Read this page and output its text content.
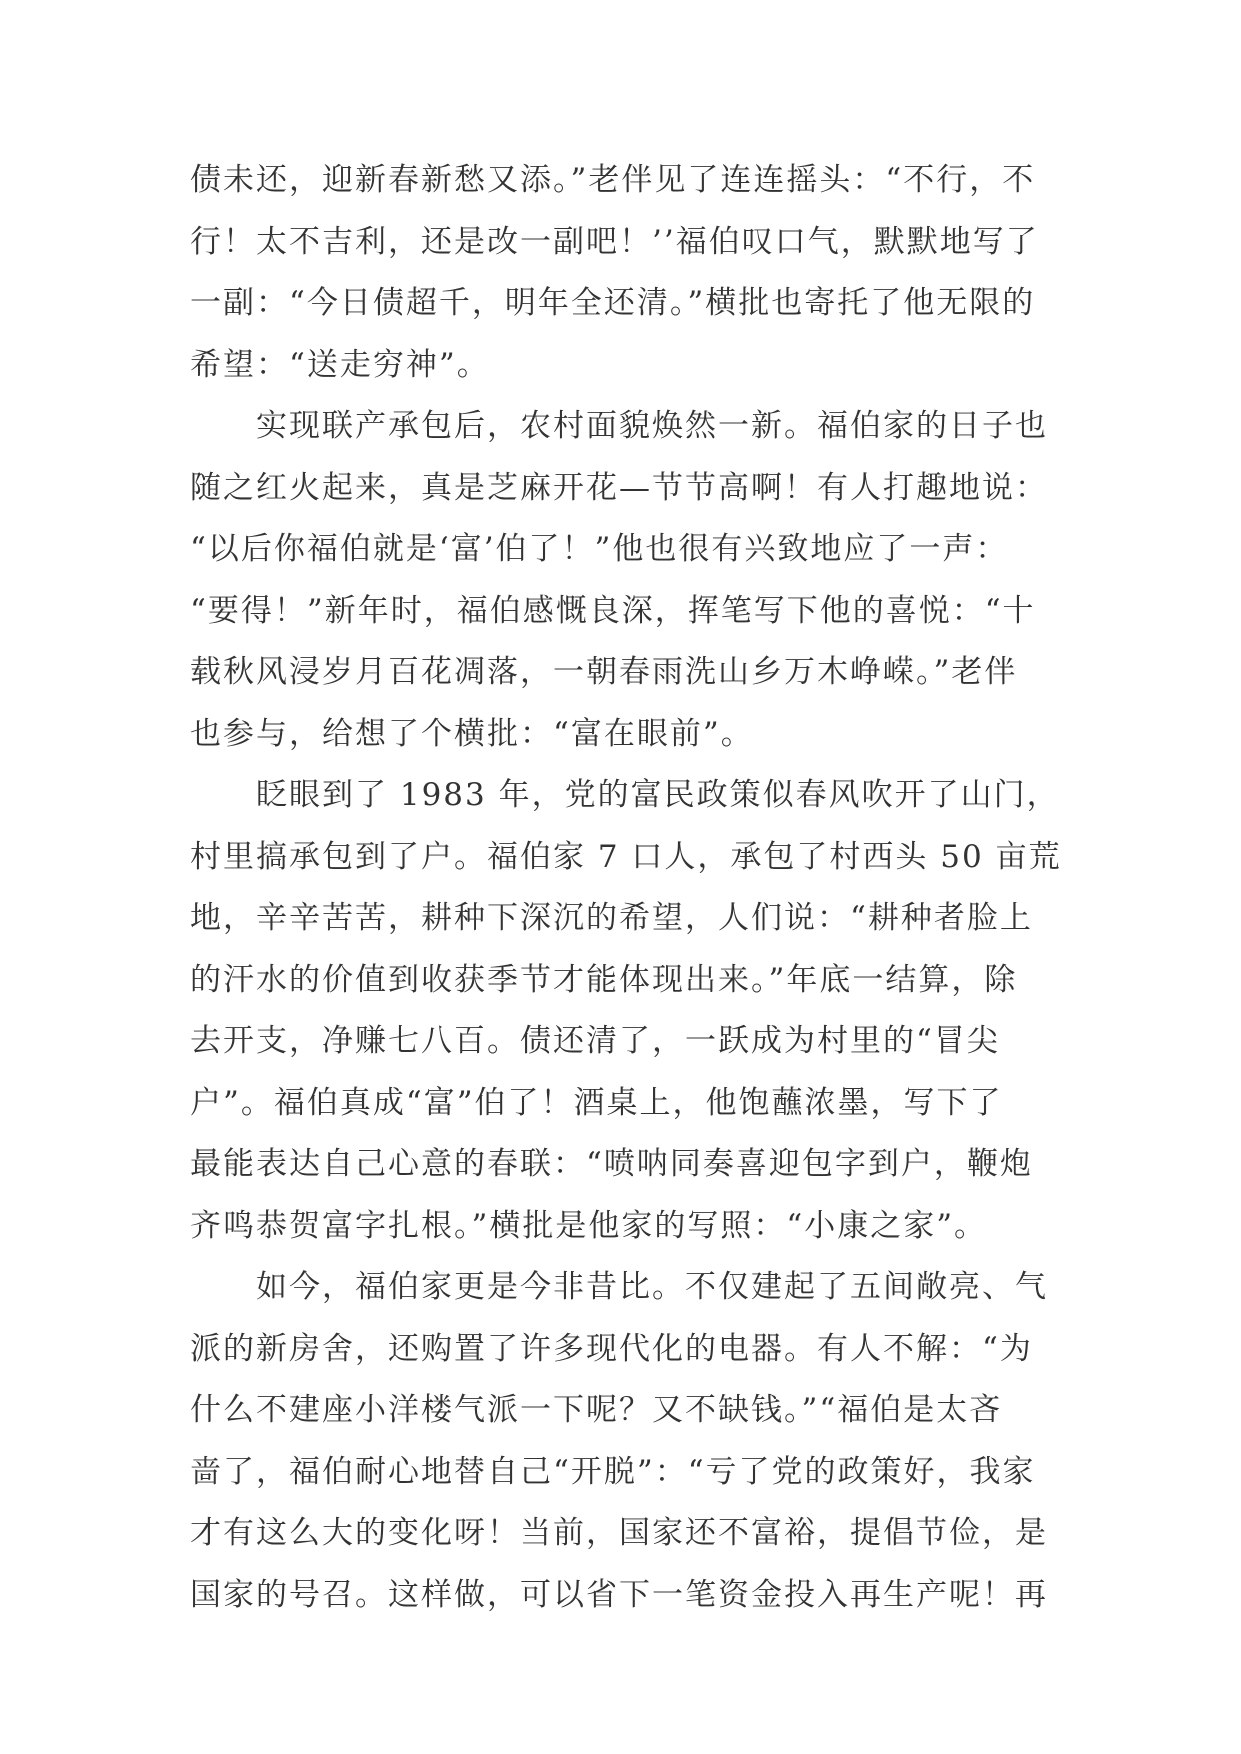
债未还，迎新春新愁又添。”老伴见了连连摇头：“不行，不
行！太不吉利，还是改一副吧！’’福伯叹口气，默默地写了
一副：“今日债超千，明年全还清。”横批也寄托了他无限的
希望：“送走穷神”。
实现联产承包后，农村面貌焕然一新。福伯家的日子也
随之红火起来，真是芝麻开花—节节高啊！有人打趣地说：
“以后你福伯就是‘富’伯了！”他也很有兴致地应了一声：
“要得！”新年时，福伯感慨良深，挥笔写下他的喜悦：“十
载秋风浸岁月百花凋落，一朝春雨洗山乡万木峥嵘。”老伴
也参与，给想了个横批：“富在眼前”。
眨眼到了 1983 年，党的富民政策似春风吹开了山门，
村里搞承包到了户。福伯家 7 口人，承包了村西头 50 亩荒
地，辛辛苦苦，耕种下深沉的希望，人们说：“耕种者脸上
的汗水的价值到收获季节才能体现出来。”年底一结算，除
去开支，净赚七八百。债还清了，一跃成为村里的“冒尖
户”。福伯真成“富”伯了！酒桌上，他饱蘸浓墨，写下了
最能表达自己心意的春联：“喷呐同奏喜迎包字到户，鞭炮
齐鸣恭贺富字扎根。”横批是他家的写照：“小康之家”。
如今，福伯家更是今非昔比。不仅建起了五间敞亮、气
派的新房舍，还购置了许多现代化的电器。有人不解：“为
什么不建座小洋楼气派一下呢？又不缺钱。”“福伯是太吝
啬了，福伯耐心地替自己“开脱”：“亏了党的政策好，我家
才有这么大的变化呀！当前，国家还不富裕，提倡节俭，是
国家的号召。这样做，可以省下一笔资金投入再生产呢！再
